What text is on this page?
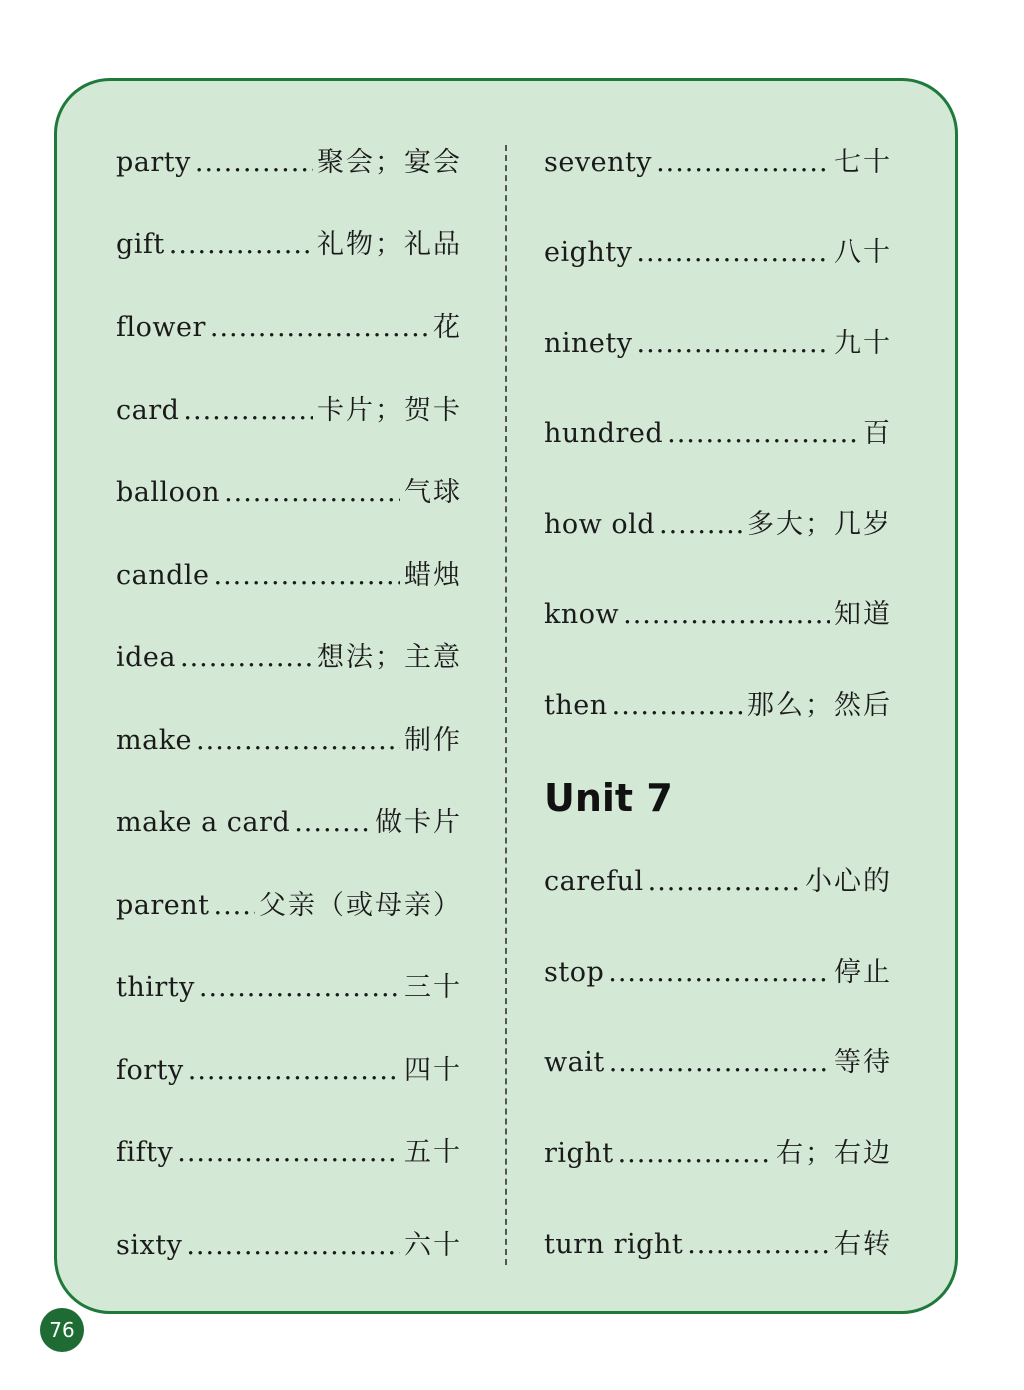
party .....	聚会；宴会
gift .....	礼物；礼品
flower .....	花
card .....	卡片；贺卡
balloon .....	气球
candle .....	蜡烛
idea .....	想法；主意
make .....	制作
make a card .....	做卡片
parent ..... 父亲（或母亲）
thirty .....	三十
forty .....	四十
fifty .....	五十
sixty .....	六十
seventy .....	七十
eighty .....	八十
ninety .....	九十
hundred .....	百
how old .....	多大；几岁
know .....	知道
then .....	那么；然后
Unit 7
careful .....	小心的
stop .....	停止
wait .....	等待
right .....	右；右边
turn right .....	右转
76
